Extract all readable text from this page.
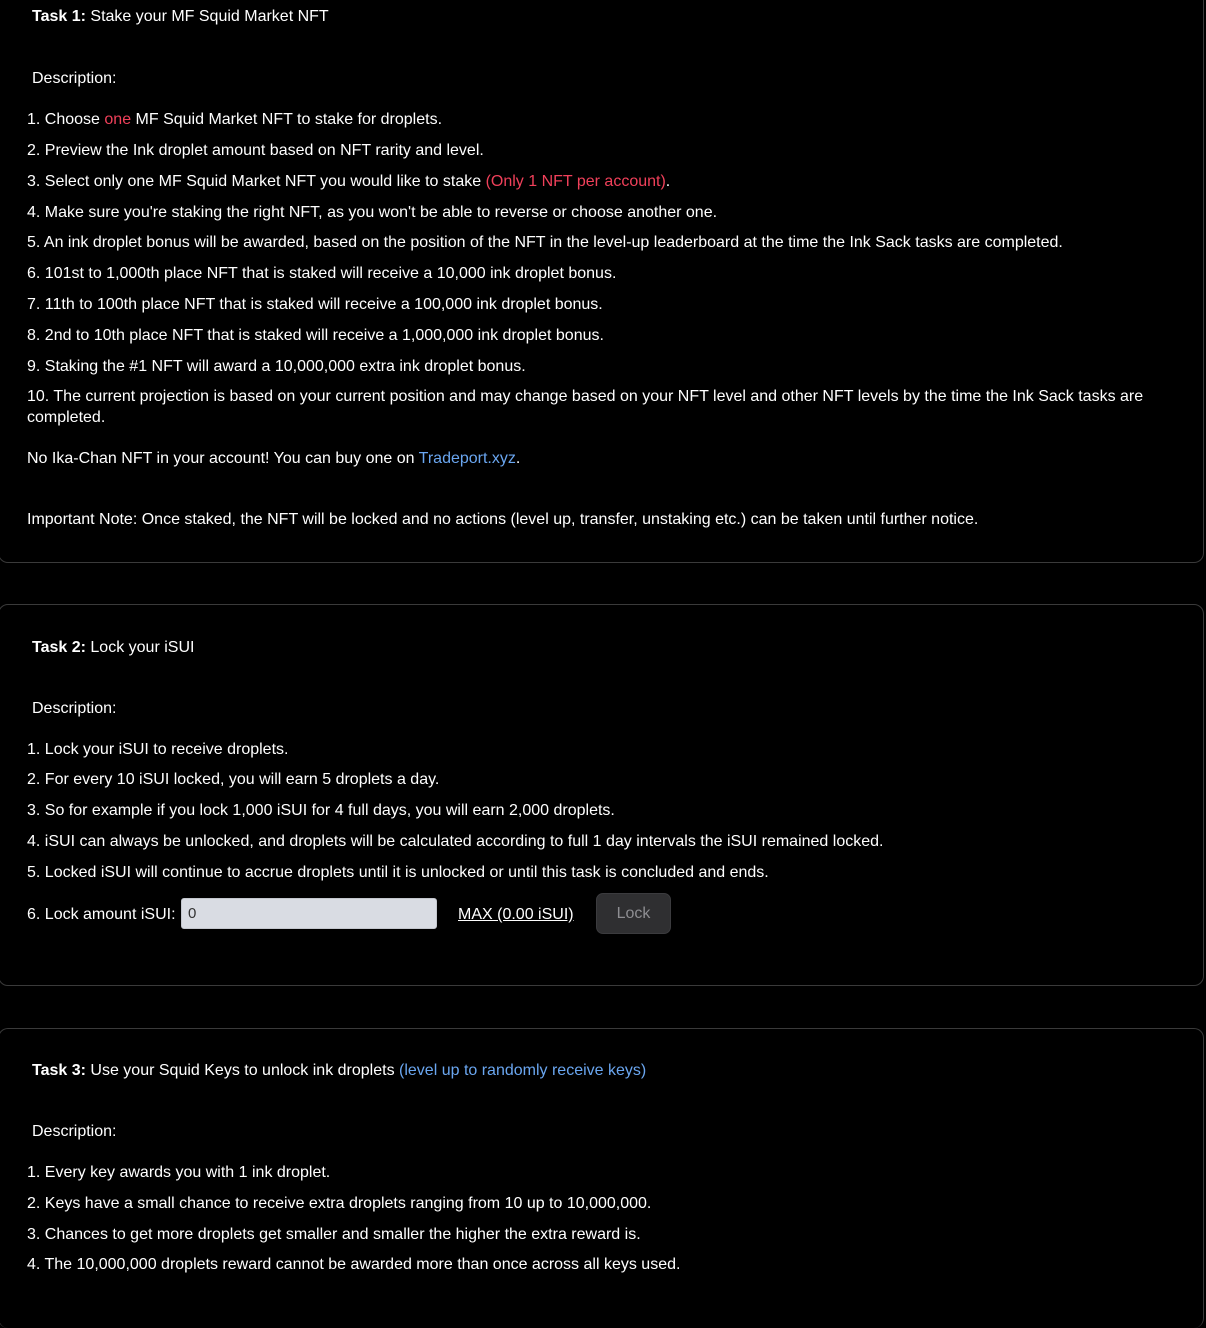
Task 1: Stake your MF Squid Market NFT
Description:
1. Choose one MF Squid Market NFT to stake for droplets.
2. Preview the Ink droplet amount based on NFT rarity and level.
3. Select only one MF Squid Market NFT you would like to stake (Only 1 NFT per account).
4. Make sure you're staking the right NFT, as you won't be able to reverse or choose another one.
5. An ink droplet bonus will be awarded, based on the position of the NFT in the level-up leaderboard at the time the Ink Sack tasks are completed.
6. 101st to 1,000th place NFT that is staked will receive a 10,000 ink droplet bonus.
7. 11th to 100th place NFT that is staked will receive a 100,000 ink droplet bonus.
8. 2nd to 10th place NFT that is staked will receive a 1,000,000 ink droplet bonus.
9. Staking the #1 NFT will award a 10,000,000 extra ink droplet bonus.
10. The current projection is based on your current position and may change based on your NFT level and other NFT levels by the time the Ink Sack tasks are completed.
No Ika-Chan NFT in your account! You can buy one on Tradeport.xyz.
Important Note: Once staked, the NFT will be locked and no actions (level up, transfer, unstaking etc.) can be taken until further notice.
Task 2: Lock your iSUI
Description:
1. Lock your iSUI to receive droplets.
2. For every 10 iSUI locked, you will earn 5 droplets a day.
3. So for example if you lock 1,000 iSUI for 4 full days, you will earn 2,000 droplets.
4. iSUI can always be unlocked, and droplets will be calculated according to full 1 day intervals the iSUI remained locked.
5. Locked iSUI will continue to accrue droplets until it is unlocked or until this task is concluded and ends.
6. Lock amount iSUI:
0	MAX (0.00 iSUI)	Lock
Task 3: Use your Squid Keys to unlock ink droplets (level up to randomly receive keys)
Description:
1. Every key awards you with 1 ink droplet.
2. Keys have a small chance to receive extra droplets ranging from 10 up to 10,000,000.
3. Chances to get more droplets get smaller and smaller the higher the extra reward is.
4. The 10,000,000 droplets reward cannot be awarded more than once across all keys used.
